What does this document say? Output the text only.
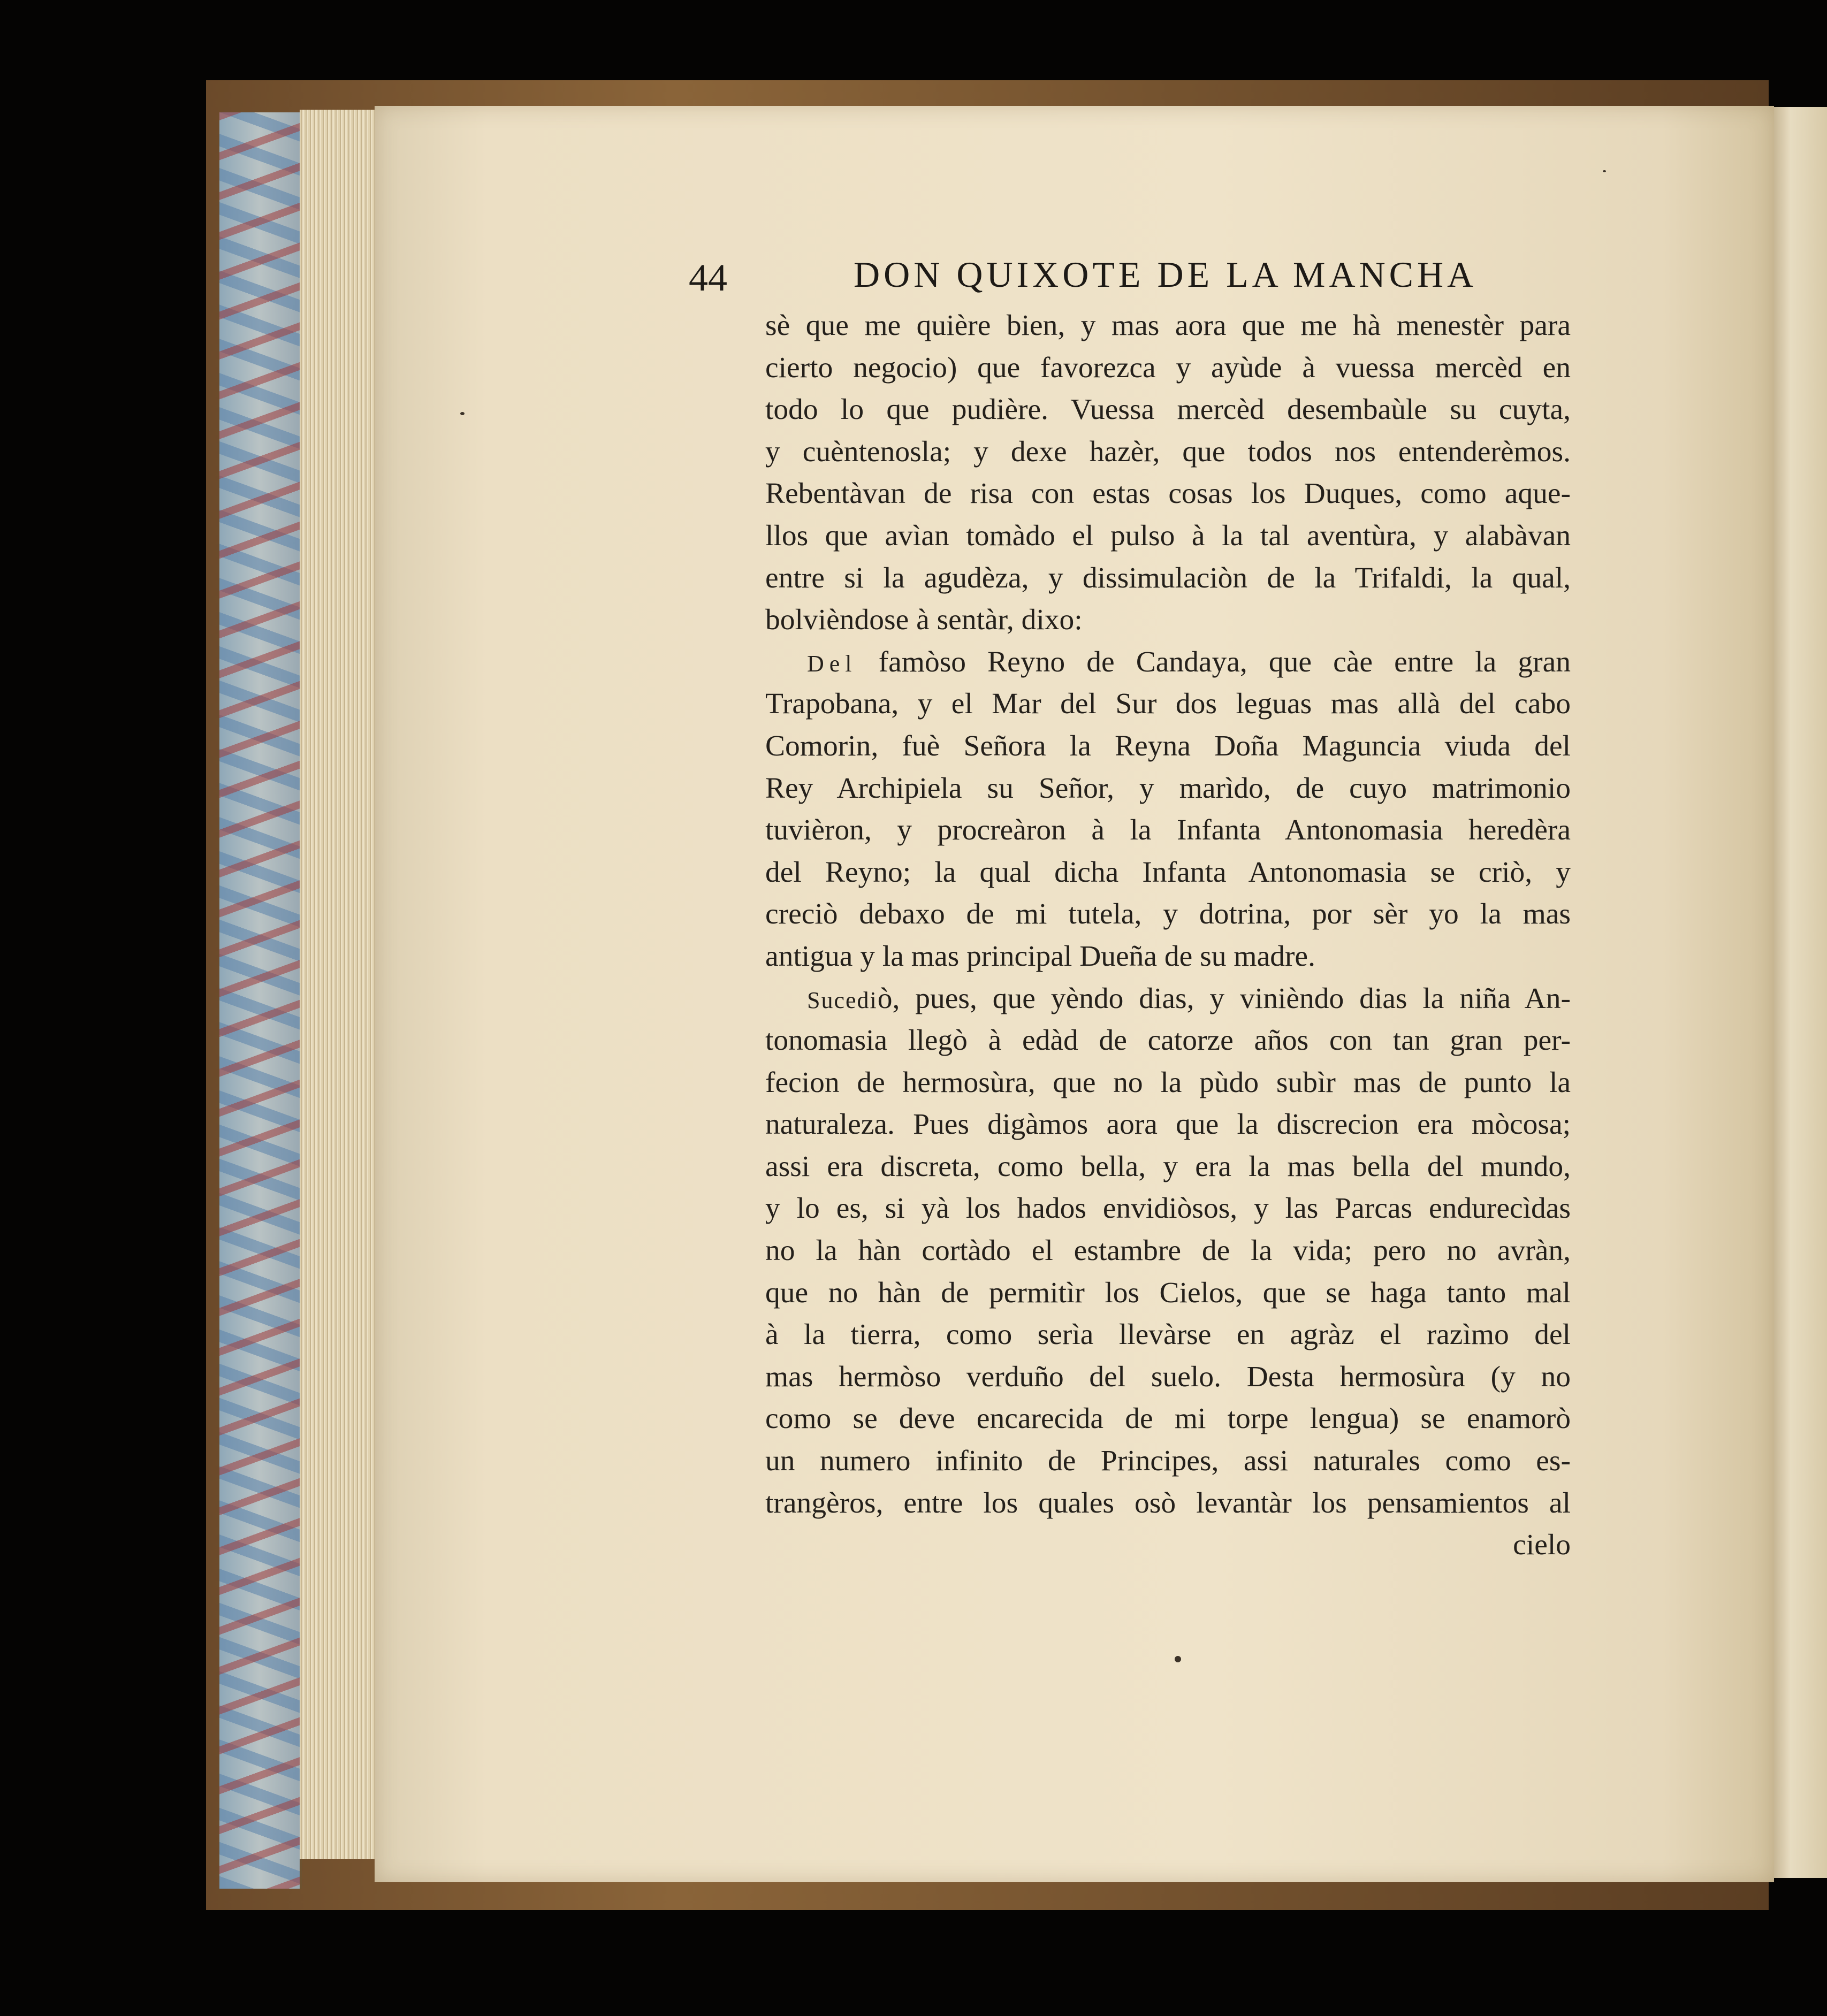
44	DON QUIXOTE DE LA MANCHA
sè que me quière bien, y mas aora que me hà menestèr para
cierto negocio) que favorezca y ayùde à vuessa mercèd en
todo lo que pudière. Vuessa mercèd desembaùle su cuyta,
y cuèntenosla; y dexe hazèr, que todos nos entenderèmos.
Rebentàvan de risa con estas cosas los Duques, como aque-
llos que avìan tomàdo el pulso à la tal aventùra, y alabàvan
entre si la agudèza, y dissimulaciòn de la Trifaldi, la qual,
bolvièndose à sentàr, dixo:
Del famòso Reyno de Candaya, que càe entre la gran
Trapobana, y el Mar del Sur dos leguas mas allà del cabo
Comorin, fuè Señora la Reyna Doña Maguncia viuda del
Rey Archipiela su Señor, y marìdo, de cuyo matrimonio
tuvièron, y procreàron à la Infanta Antonomasia heredèra
del Reyno; la qual dicha Infanta Antonomasia se criò, y
creciò debaxo de mi tutela, y dotrina, por sèr yo la mas
antigua y la mas principal Dueña de su madre.
Sucediò, pues, que yèndo dias, y vinièndo dias la niña An-
tonomasia llegò à edàd de catorze años con tan gran per-
fecion de hermosùra, que no la pùdo subìr mas de punto la
naturaleza. Pues digàmos aora que la discrecion era mòcosa;
assi era discreta, como bella, y era la mas bella del mundo,
y lo es, si yà los hados envidiòsos, y las Parcas endurecìdas
no la hàn cortàdo el estambre de la vida; pero no avràn,
que no hàn de permitìr los Cielos, que se haga tanto mal
à la tierra, como serìa llevàrse en agràz el razìmo del
mas hermòso verduño del suelo. Desta hermosùra (y no
como se deve encarecida de mi torpe lengua) se enamorò
un numero infinito de Principes, assi naturales como es-
trangèros, entre los quales osò levantàr los pensamientos al
cielo
